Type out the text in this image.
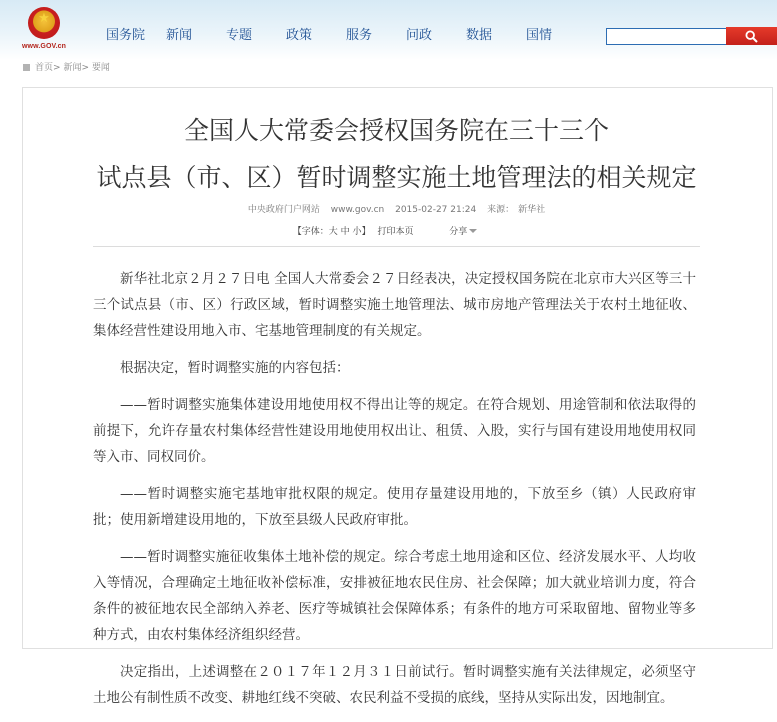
★
www.GOV.cn
国务院 新闻	专题	政策	服务	问政	数据	国情
首页> 新闻> 要闻
全国人大常委会授权国务院在三十三个
试点县（市、区）暂时调整实施土地管理法的相关规定
中央政府门户网站 www.gov.cn 2015-02-27 21:24 来源： 新华社
【字体：大 中 小】 打印本页	分享

新华社北京２月２７日电 全国人大常委会２７日经表决，决定授权国务院在北京市大兴区等三十三个试点县（市、区）行政区域，暂时调整实施土地管理法、城市房地产管理法关于农村土地征收、集体经营性建设用地入市、宅基地管理制度的有关规定。

根据决定，暂时调整实施的内容包括：

——暂时调整实施集体建设用地使用权不得出让等的规定。在符合规划、用途管制和依法取得的前提下，允许存量农村集体经营性建设用地使用权出让、租赁、入股，实行与国有建设用地使用权同等入市、同权同价。

——暂时调整实施宅基地审批权限的规定。使用存量建设用地的，下放至乡（镇）人民政府审批；使用新增建设用地的，下放至县级人民政府审批。

——暂时调整实施征收集体土地补偿的规定。综合考虑土地用途和区位、经济发展水平、人均收入等情况，合理确定土地征收补偿标准，安排被征地农民住房、社会保障；加大就业培训力度，符合条件的被征地农民全部纳入养老、医疗等城镇社会保障体系；有条件的地方可采取留地、留物业等多种方式，由农村集体经济组织经营。

决定指出，上述调整在２０１７年１２月３１日前试行。暂时调整实施有关法律规定，必须坚守土地公有制性质不改变、耕地红线不突破、农民利益不受损的底线，坚持从实际出发，因地制宜。
